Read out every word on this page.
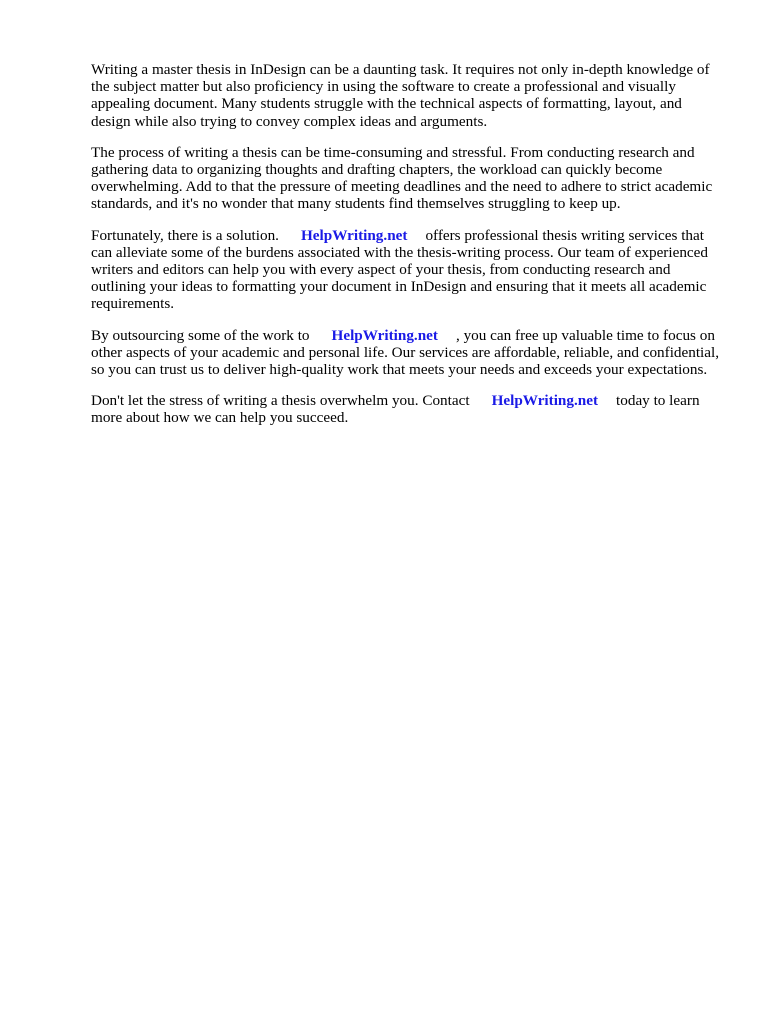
Writing a master thesis in InDesign can be a daunting task. It requires not only in-depth knowledge of the subject matter but also proficiency in using the software to create a professional and visually appealing document. Many students struggle with the technical aspects of formatting, layout, and design while also trying to convey complex ideas and arguments.

The process of writing a thesis can be time-consuming and stressful. From conducting research and gathering data to organizing thoughts and drafting chapters, the workload can quickly become overwhelming. Add to that the pressure of meeting deadlines and the need to adhere to strict academic standards, and it's no wonder that many students find themselves struggling to keep up.

Fortunately, there is a solution. HelpWriting.net offers professional thesis writing services that can alleviate some of the burdens associated with the thesis-writing process. Our team of experienced writers and editors can help you with every aspect of your thesis, from conducting research and outlining your ideas to formatting your document in InDesign and ensuring that it meets all academic requirements.

By outsourcing some of the work to HelpWriting.net , you can free up valuable time to focus on other aspects of your academic and personal life. Our services are affordable, reliable, and confidential, so you can trust us to deliver high-quality work that meets your needs and exceeds your expectations.

Don't let the stress of writing a thesis overwhelm you. Contact HelpWriting.net today to learn more about how we can help you succeed.
